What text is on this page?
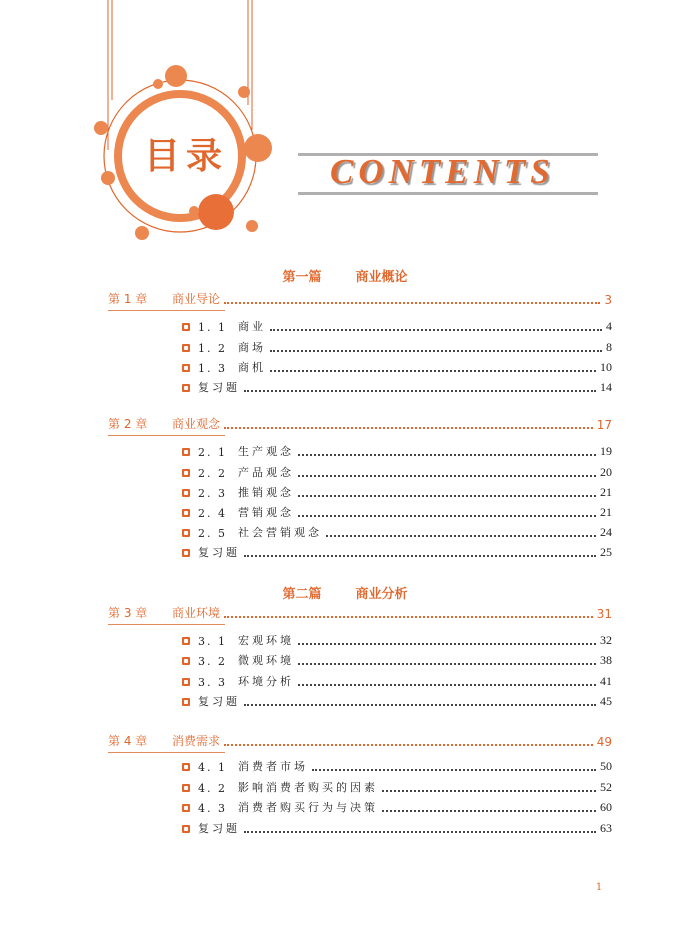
目录	CONTENTS
第一篇	商业概论
第 1 章	商业导论	3
1. 1	商业	4
1. 2	商场	8
1. 3	商机	10
复习题	14
第 2 章	商业观念	17
2. 1	生产观念	19
2. 2	产品观念	20
2. 3	推销观念	21
2. 4	营销观念	21
2. 5	社会营销观念	24
复习题	25
第二篇	商业分析
第 3 章	商业环境	31
3. 1	宏观环境	32
3. 2	微观环境	38
3. 3	环境分析	41
复习题	45
第 4 章	消费需求	49
4. 1	消费者市场	50
4. 2	影响消费者购买的因素	52
4. 3	消费者购买行为与决策	60
复习题	63
1
